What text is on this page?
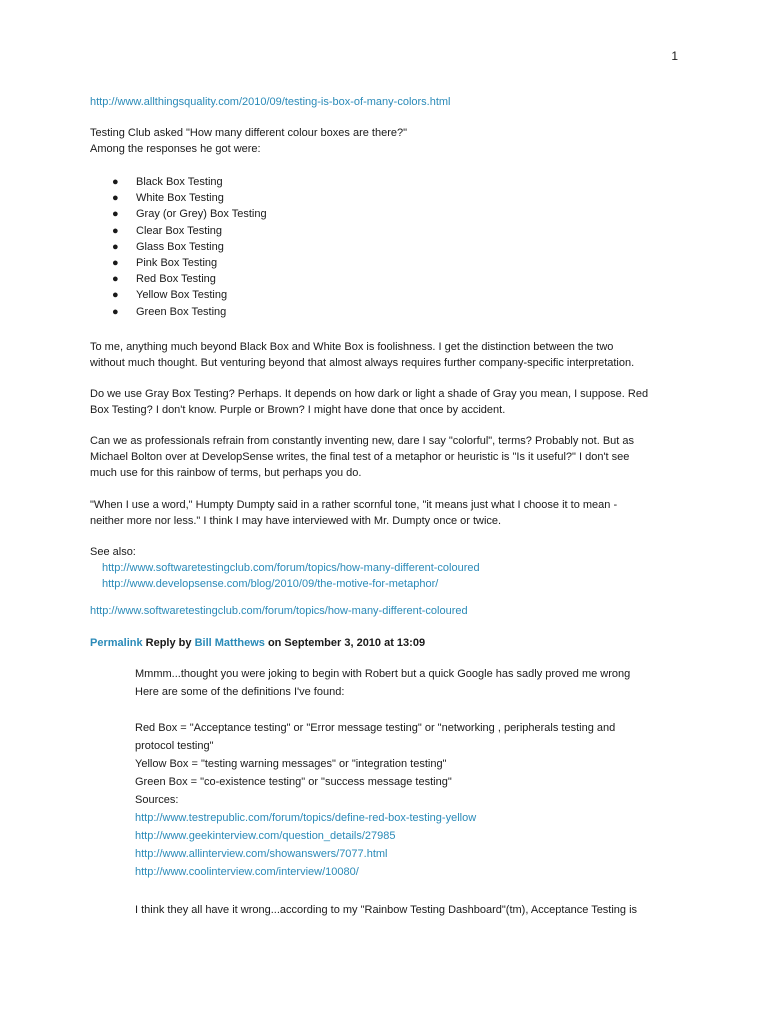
1
http://www.allthingsquality.com/2010/09/testing-is-box-of-many-colors.html

Testing Club asked "How many different colour boxes are there?"

Among the responses he got were:

● Black Box Testing
● White Box Testing
● Gray (or Grey) Box Testing
● Clear Box Testing
● Glass Box Testing
● Pink Box Testing
● Red Box Testing
● Yellow Box Testing
● Green Box Testing

To me, anything much beyond Black Box and White Box is foolishness. I get the distinction between the two

without much thought. But venturing beyond that almost always requires further company-specific interpretation.

Do we use Gray Box Testing? Perhaps. It depends on how dark or light a shade of Gray you mean, I suppose. Red

Box Testing? I don't know. Purple or Brown? I might have done that once by accident.

Can we as professionals refrain from constantly inventing new, dare I say "colorful", terms? Probably not. But as

Michael Bolton over at DevelopSense writes, the final test of a metaphor or heuristic is "Is it useful?" I don't see

much use for this rainbow of terms, but perhaps you do.

"When I use a word," Humpty Dumpty said in a rather scornful tone, "it means just what I choose it to mean -

neither more nor less." I think I may have interviewed with Mr. Dumpty once or twice.

See also:

http://www.softwaretestingclub.com/forum/topics/how-many-different-coloured

http://www.developsense.com/blog/2010/09/the-motive-for-metaphor/

http://www.softwaretestingclub.com/forum/topics/how-many-different-coloured
Permalink Reply by Bill Matthews on September 3, 2010 at 13:09

Mmmm...thought you were joking to begin with Robert but a quick Google has sadly proved me wrong

Here are some of the definitions I've found:

Red Box = "Acceptance testing" or "Error message testing" or "networking , peripherals testing and

protocol testing"

Yellow Box = "testing warning messages" or "integration testing"

Green Box = "co-existence testing" or "success message testing"

Sources:

http://www.testrepublic.com/forum/topics/define-red-box-testing-yellow

http://www.geekinterview.com/question_details/27985

http://www.allinterview.com/showanswers/7077.html

http://www.coolinterview.com/interview/10080/

I think they all have it wrong...according to my "Rainbow Testing Dashboard"(tm), Acceptance Testing is
